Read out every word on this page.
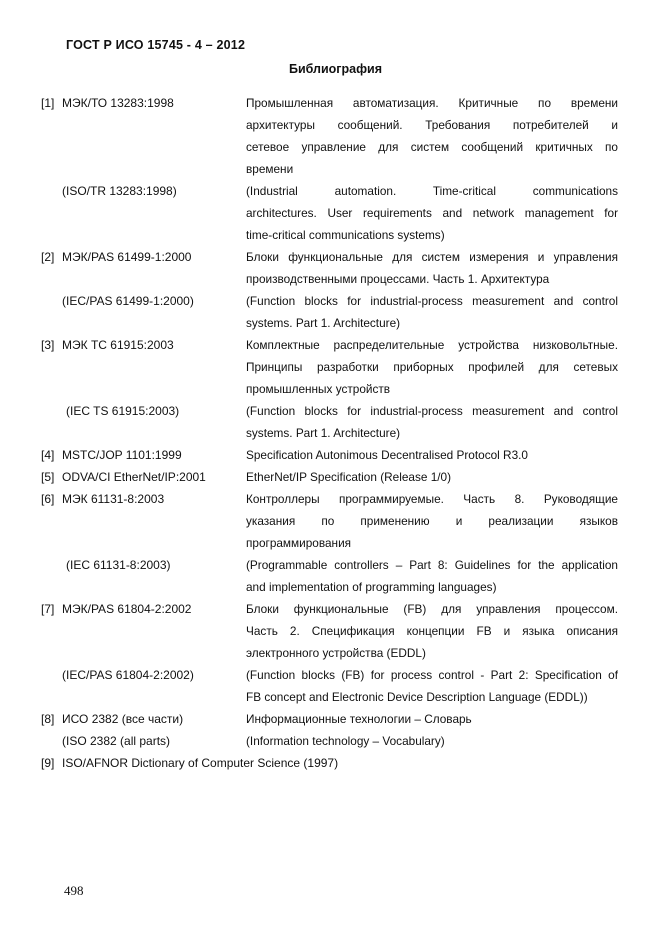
ГОСТ Р ИСО 15745 - 4 – 2012
Библиография
[1] МЭК/ТО 13283:1998	Промышленная автоматизация. Критичные по времени
архитектуры сообщений. Требования потребителей и
сетевое управление для систем сообщений критичных по
времени
(ISO/TR 13283:1998)	(Industrial automation. Time-critical communications
architectures. User requirements and network management for
time-critical communications systems)
[2] МЭК/PAS 61499-1:2000	Блоки функциональные для систем измерения и управления
производственными процессами. Часть 1. Архитектура
(IEC/PAS 61499-1:2000)	(Function blocks for industrial-process measurement and control
systems. Part 1. Architecture)
[3] МЭК ТС 61915:2003	Комплектные распределительные устройства низковольтные.
Принципы разработки приборных профилей для сетевых
промышленных устройств
(IEC TS 61915:2003)	(Function blocks for industrial-process measurement and control
systems. Part 1. Architecture)
[4] MSTC/JOP 1101:1999	Specification Autonimous Decentralised Protocol R3.0
[5] ODVA/CI EtherNet/IP:2001	EtherNet/IP Specification (Release 1/0)
[6] МЭК 61131-8:2003	Контроллеры программируемые. Часть 8. Руководящие
указания по применению и реализации языков
программирования
(IEC 61131-8:2003)	(Programmable controllers – Part 8: Guidelines for the application
and implementation of programming languages)
[7] МЭК/PAS 61804-2:2002	Блоки функциональные (FB) для управления процессом.
Часть 2. Спецификация концепции FB и языка описания
электронного устройства (EDDL)
(IEC/PAS 61804-2:2002)	(Function blocks (FB) for process control - Part 2: Specification of
FB concept and Electronic Device Description Language (EDDL))
[8] ИСО 2382 (все части)	Информационные технологии – Словарь
(ISO 2382 (all parts)	(Information technology – Vocabulary)
[9] ISO/AFNOR Dictionary of Computer Science (1997)
498
